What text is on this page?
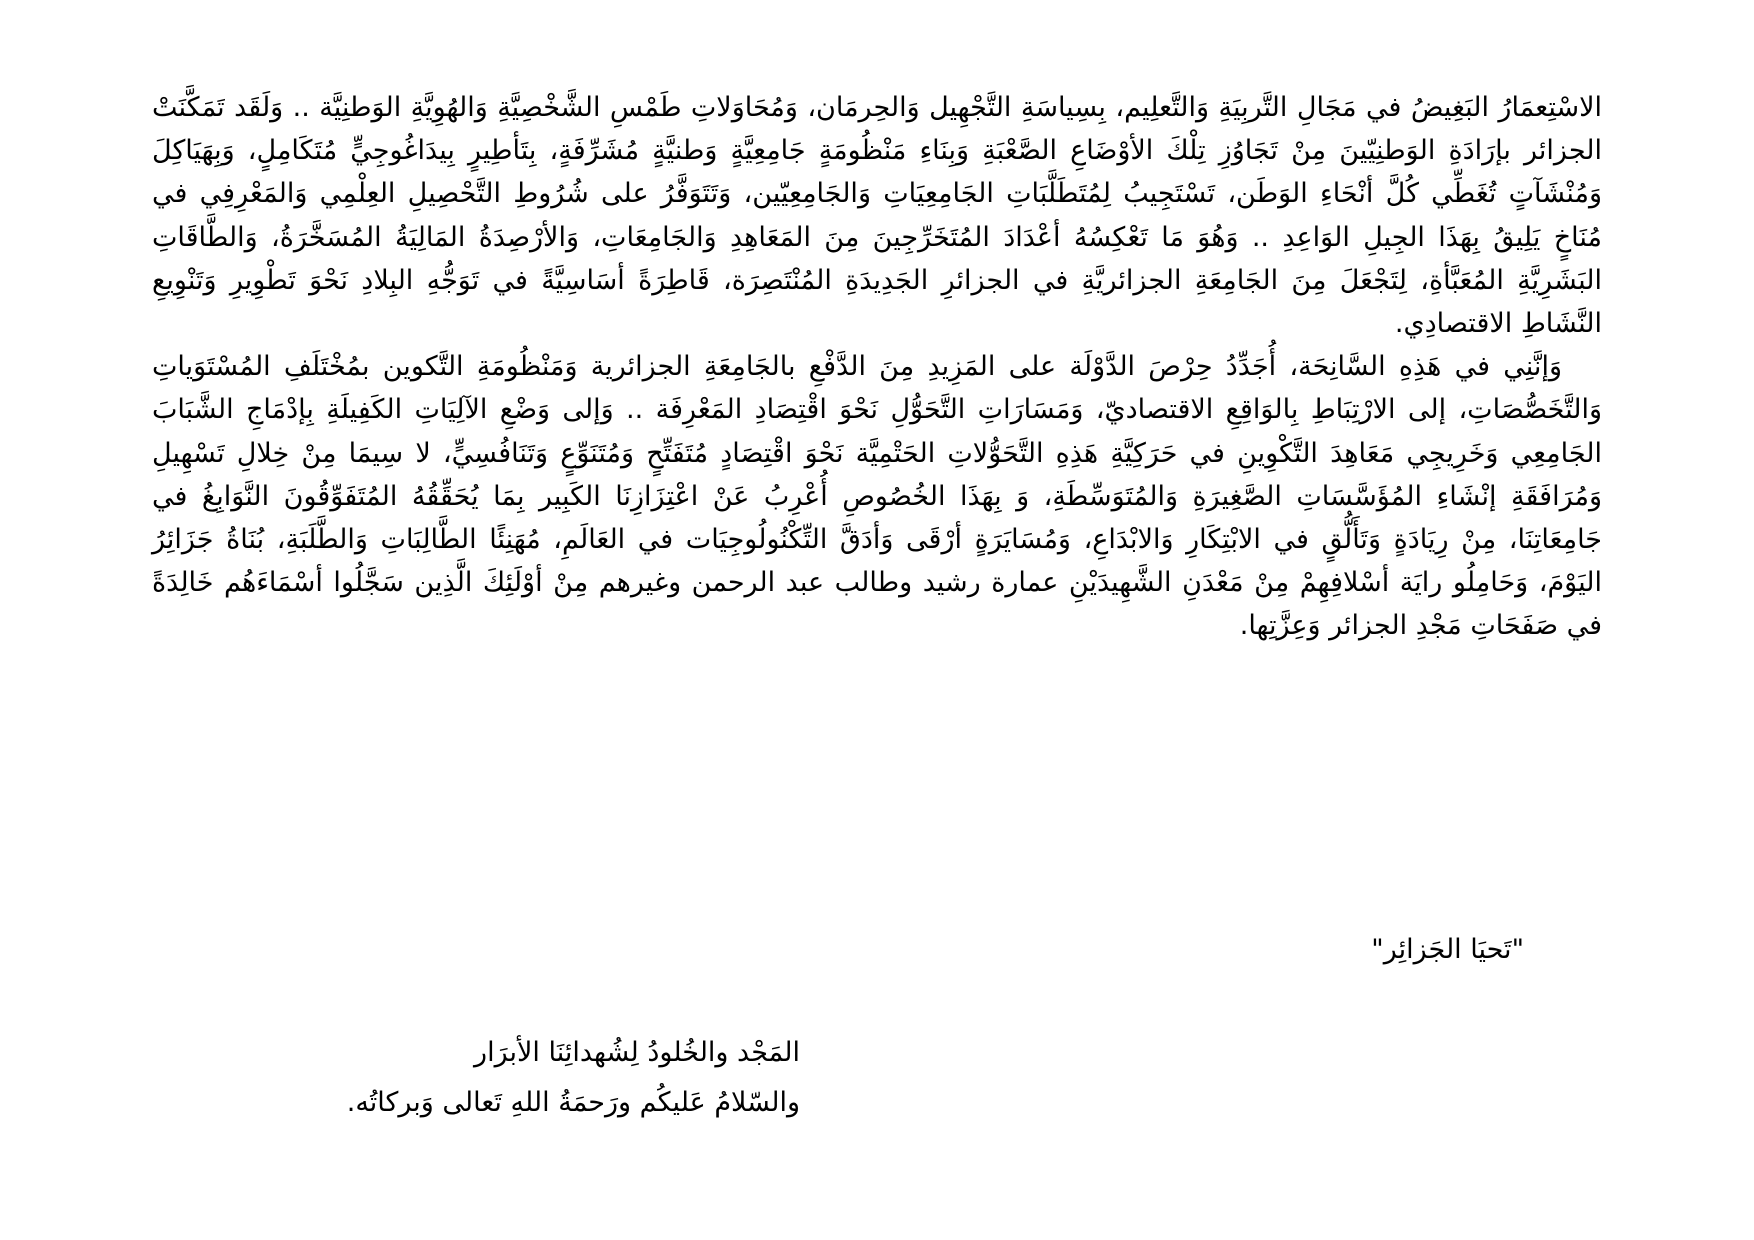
الاسْتِعمَارُ البَغِيضُ في مَجَالِ التَّربِيَةِ وَالتَّعلِيم، بِسِياسَةِ التَّجْهِيل وَالحِرمَان، وَمُحَاوَلاتِ طَمْسِ الشَّخْصِيَّةِ وَالهُوِيَّةِ الوَطنِيَّة .. وَلَقَد تَمَكَّنَتْ الجزائر بإرَادَةِ الوَطنِيّينَ مِنْ تَجَاوُزِ تِلْكَ الأوْضَاعِ الصَّعْبَةِ وَبِنَاءِ مَنْظُومَةٍ جَامِعِيَّةٍ وَطنيَّةٍ مُشَرِّفَةٍ، بِتَأطِيرٍ بِيدَاغُوجِيٍّ مُتَكَامِلٍ، وَبِهَيَاكِلَ وَمُنْشَآتٍ تُغَطِّي كُلَّ أنْحَاءِ الوَطَن، تَسْتَجِيبُ لِمُتَطَلَّبَاتِ الجَامِعِيَاتِ وَالجَامِعِيّين، وَتَتَوَفَّرُ على شُرُوطِ التَّحْصِيلِ العِلْمِي وَالمَعْرِفِي في مُنَاخٍ يَلِيقُ بِهَذَا الجِيلِ الوَاعِدِ .. وَهُوَ مَا تَعْكِسُهُ أعْدَادَ المُتَخَرِّجِينَ مِنَ المَعَاهِدِ وَالجَامِعَاتِ، وَالأرْصِدَةُ المَالِيَةُ المُسَخَّرَةُ، وَالطَّاقَاتِ البَشَرِيَّةِ المُعَبَّأةِ، لِتَجْعَلَ مِنَ الجَامِعَةِ الجزائريَّةِ في الجزائرِ الجَدِيدَةِ المُنْتَصِرَة، قَاطِرَةً أسَاسِيَّةً في تَوَجُّهِ البِلادِ نَحْوَ تَطْوِيرِ وَتَنْوِيعِ النَّشَاطِ الاقتصادِي.

وَإنَّنِي في هَذِهِ السَّانِحَة، أُجَدِّدُ حِرْصَ الدَّوْلَة على المَزِيدِ مِنَ الدَّفْعِ بالجَامِعَةِ الجزائرية وَمَنْظُومَةِ التَّكوين بمُخْتَلَفِ المُسْتَوَياتِ وَالتَّخَصُّصَاتِ، إلى الارْتِبَاطِ بِالوَاقِعِ الاقتصاديّ، وَمَسَارَاتِ التَّحَوُّلِ نَحْوَ اقْتِصَادِ المَعْرِفَة .. وَإلى وَضْعِ الآلِيَاتِ الكَفِيلَةِ بِإدْمَاجِ الشَّبَابَ الجَامِعِي وَخَرِيجِي مَعَاهِدَ التَّكْوِينِ في حَرَكِيَّةِ هَذِهِ التَّحَوُّلاتِ الحَتْمِيَّة نَحْوَ اقْتِصَادٍ مُتَفَتِّحٍ وَمُتَنَوِّعٍ وَتَنَافُسِيٍّ، لا سِيمَا مِنْ خِلالِ تَسْهِيلِ وَمُرَافَقَةِ إنْشَاءِ المُؤَسَّسَاتِ الصَّغِيرَةِ وَالمُتَوَسِّطَةِ، وَ بِهَذَا الخُصُوصِ أُعْرِبُ عَنْ اعْتِزَازِنَا الكَبِير بِمَا يُحَقِّقُهُ المُتَفَوِّقُونَ النَّوَابِغُ في جَامِعَاتِنَا، مِنْ رِيَادَةٍ وَتَأَلُّقٍ في الابْتِكَارِ وَالابْدَاعِ، وَمُسَايَرَةٍ أرْقَى وَأدَقَّ التِّكْنُولُوجِيَات في العَالَمِ، مُهَنِئًا الطَّالِبَاتِ وَالطَّلَبَةِ، بُنَاةُ جَزَائِرُ اليَوْمَ، وَحَامِلُو رايَة أسْلافِهِمْ مِنْ مَعْدَنِ الشَّهِيدَيْنِ عمارة رشيد وطالب عبد الرحمن وغيرهم مِنْ أوْلَئِكَ الَّذِين سَجَّلُوا أسْمَاءَهُم خَالِدَةً في صَفَحَاتِ مَجْدِ الجزائر وَعِزَّتِها.

"تَحيَا الجَزائِر"
المَجْد والخُلودُ لِشُهدائِنَا الأبرَار
والسّلامُ عَليكُم ورَحمَةُ اللهِ تَعالى وَبركاتُه.
